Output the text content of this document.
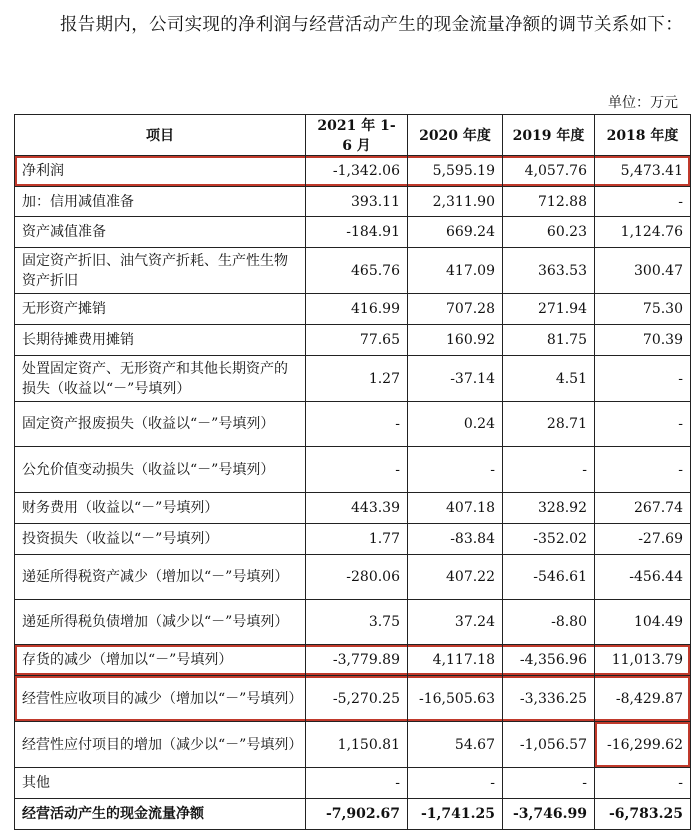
报告期内，公司实现的净利润与经营活动产生的现金流量净额的调节关系如下：
单位：万元
项目	2021 年 1-6 月	2020 年度	2019 年度	2018 年度
净利润	-1,342.06	5,595.19	4,057.76	5,473.41
加：信用减值准备	393.11	2,311.90	712.88	-
资产减值准备	-184.91	669.24	60.23	1,124.76
固定资产折旧、油气资产折耗、生产性生物资产折旧	465.76	417.09	363.53	300.47
无形资产摊销	416.99	707.28	271.94	75.30
长期待摊费用摊销	77.65	160.92	81.75	70.39
处置固定资产、无形资产和其他长期资产的损失（收益以“－”号填列）	1.27	-37.14	4.51	-
固定资产报废损失（收益以“－”号填列）	-	0.24	28.71	-
公允价值变动损失（收益以“－”号填列）	-	-	-	-
财务费用（收益以“－”号填列）	443.39	407.18	328.92	267.74
投资损失（收益以“－”号填列）	1.77	-83.84	-352.02	-27.69
递延所得税资产减少（增加以“－”号填列）	-280.06	407.22	-546.61	-456.44
递延所得税负债增加（减少以“－”号填列）	3.75	37.24	-8.80	104.49
存货的减少（增加以“－”号填列）	-3,779.89	4,117.18	-4,356.96	11,013.79
经营性应收项目的减少（增加以“－”号填列）	-5,270.25	-16,505.63	-3,336.25	-8,429.87
经营性应付项目的增加（减少以“－”号填列）	1,150.81	54.67	-1,056.57	-16,299.62
其他	-	-	-	-
经营活动产生的现金流量净额	-7,902.67	-1,741.25	-3,746.99	-6,783.25
